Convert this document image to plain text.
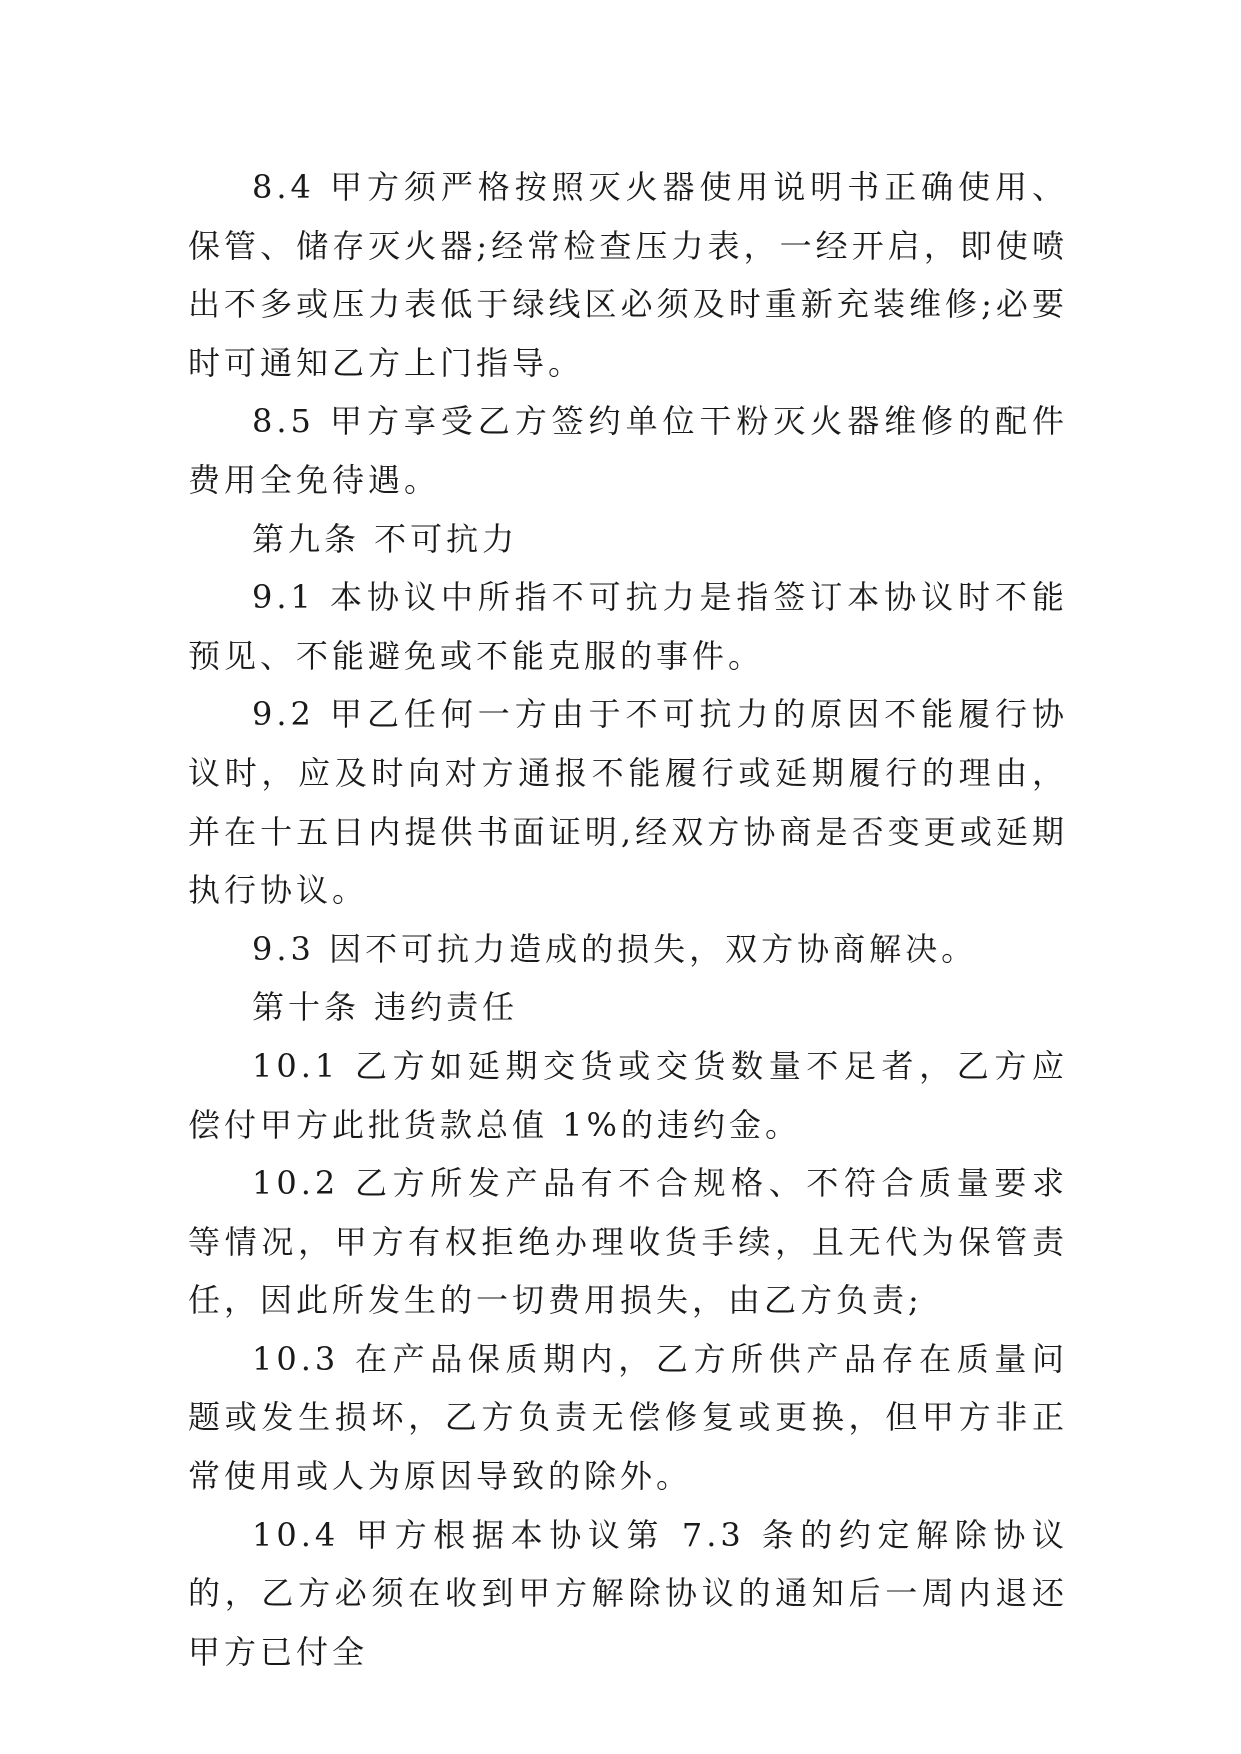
8.4 甲方须严格按照灭火器使用说明书正确使用、保管、储存灭火器;经常检查压力表，一经开启，即使喷出不多或压力表低于绿线区必须及时重新充装维修;必要时可通知乙方上门指导。

8.5 甲方享受乙方签约单位干粉灭火器维修的配件费用全免待遇。

第九条 不可抗力

9.1 本协议中所指不可抗力是指签订本协议时不能预见、不能避免或不能克服的事件。

9.2 甲乙任何一方由于不可抗力的原因不能履行协议时，应及时向对方通报不能履行或延期履行的理由，并在十五日内提供书面证明,经双方协商是否变更或延期执行协议。

9.3 因不可抗力造成的损失，双方协商解决。

第十条 违约责任

10.1 乙方如延期交货或交货数量不足者，乙方应偿付甲方此批货款总值 1%的违约金。

10.2 乙方所发产品有不合规格、不符合质量要求等情况，甲方有权拒绝办理收货手续，且无代为保管责任，因此所发生的一切费用损失，由乙方负责;

10.3 在产品保质期内，乙方所供产品存在质量问题或发生损坏，乙方负责无偿修复或更换，但甲方非正常使用或人为原因导致的除外。

10.4 甲方根据本协议第 7.3 条的约定解除协议的，乙方必须在收到甲方解除协议的通知后一周内退还甲方已付全
